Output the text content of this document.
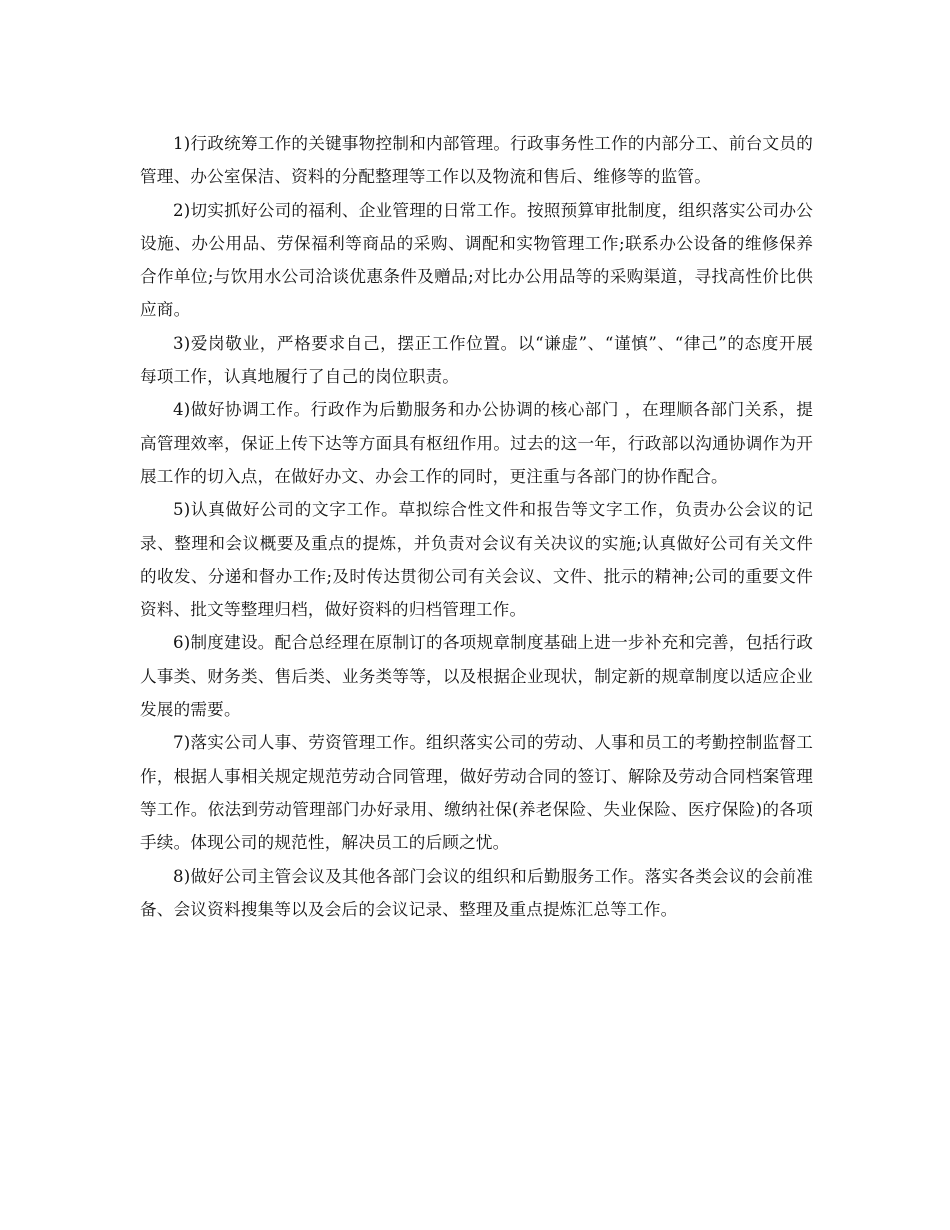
1)行政统筹工作的关键事物控制和内部管理。行政事务性工作的内部分工、前台文员的管理、办公室保洁、资料的分配整理等工作以及物流和售后、维修等的监管。

2)切实抓好公司的福利、企业管理的日常工作。按照预算审批制度，组织落实公司办公设施、办公用品、劳保福利等商品的采购、调配和实物管理工作;联系办公设备的维修保养合作单位;与饮用水公司洽谈优惠条件及赠品;对比办公用品等的采购渠道，寻找高性价比供应商。

3)爱岗敬业，严格要求自己，摆正工作位置。以“谦虚”、“谨慎”、“律己”的态度开展每项工作，认真地履行了自己的岗位职责。

4)做好协调工作。行政作为后勤服务和办公协调的核心部门 ，在理顺各部门关系，提高管理效率，保证上传下达等方面具有枢纽作用。过去的这一年，行政部以沟通协调作为开展工作的切入点，在做好办文、办会工作的同时，更注重与各部门的协作配合。

5)认真做好公司的文字工作。草拟综合性文件和报告等文字工作，负责办公会议的记录、整理和会议概要及重点的提炼，并负责对会议有关决议的实施;认真做好公司有关文件的收发、分递和督办工作;及时传达贯彻公司有关会议、文件、批示的精神;公司的重要文件资料、批文等整理归档，做好资料的归档管理工作。

6)制度建设。配合总经理在原制订的各项规章制度基础上进一步补充和完善，包括行政人事类、财务类、售后类、业务类等等，以及根据企业现状，制定新的规章制度以适应企业发展的需要。

7)落实公司人事、劳资管理工作。组织落实公司的劳动、人事和员工的考勤控制监督工作，根据人事相关规定规范劳动合同管理，做好劳动合同的签订、解除及劳动合同档案管理等工作。依法到劳动管理部门办好录用、缴纳社保(养老保险、失业保险、医疗保险)的各项手续。体现公司的规范性，解决员工的后顾之忧。

8)做好公司主管会议及其他各部门会议的组织和后勤服务工作。落实各类会议的会前准备、会议资料搜集等以及会后的会议记录、整理及重点提炼汇总等工作。
